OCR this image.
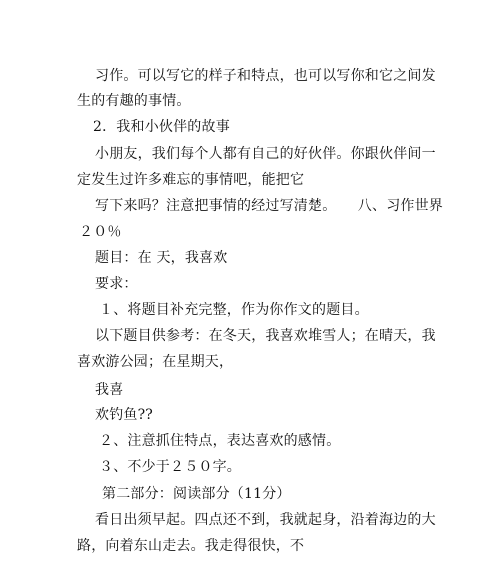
习作。可以写它的样子和特点，也可以写你和它之间发
生的有趣的事情。
2．我和小伙伴的故事
小朋友，我们每个人都有自己的好伙伴。你跟伙伴间一
定发生过许多难忘的事情吧，能把它
写下来吗？注意把事情的经过写清楚。　　八、习作世界
２０％
题目：在 天，我喜欢
要求：
１、将题目补充完整，作为你作文的题目。
以下题目供参考：在冬天，我喜欢堆雪人；在晴天，我
喜欢游公园；在星期天，
我喜
欢钓鱼??
２、注意抓住特点，表达喜欢的感情。
３、不少于２５０字。
第二部分：阅读部分（11分）
看日出须早起。四点还不到，我就起身，沿着海边的大
路，向着东山走去。我走得很快，不
